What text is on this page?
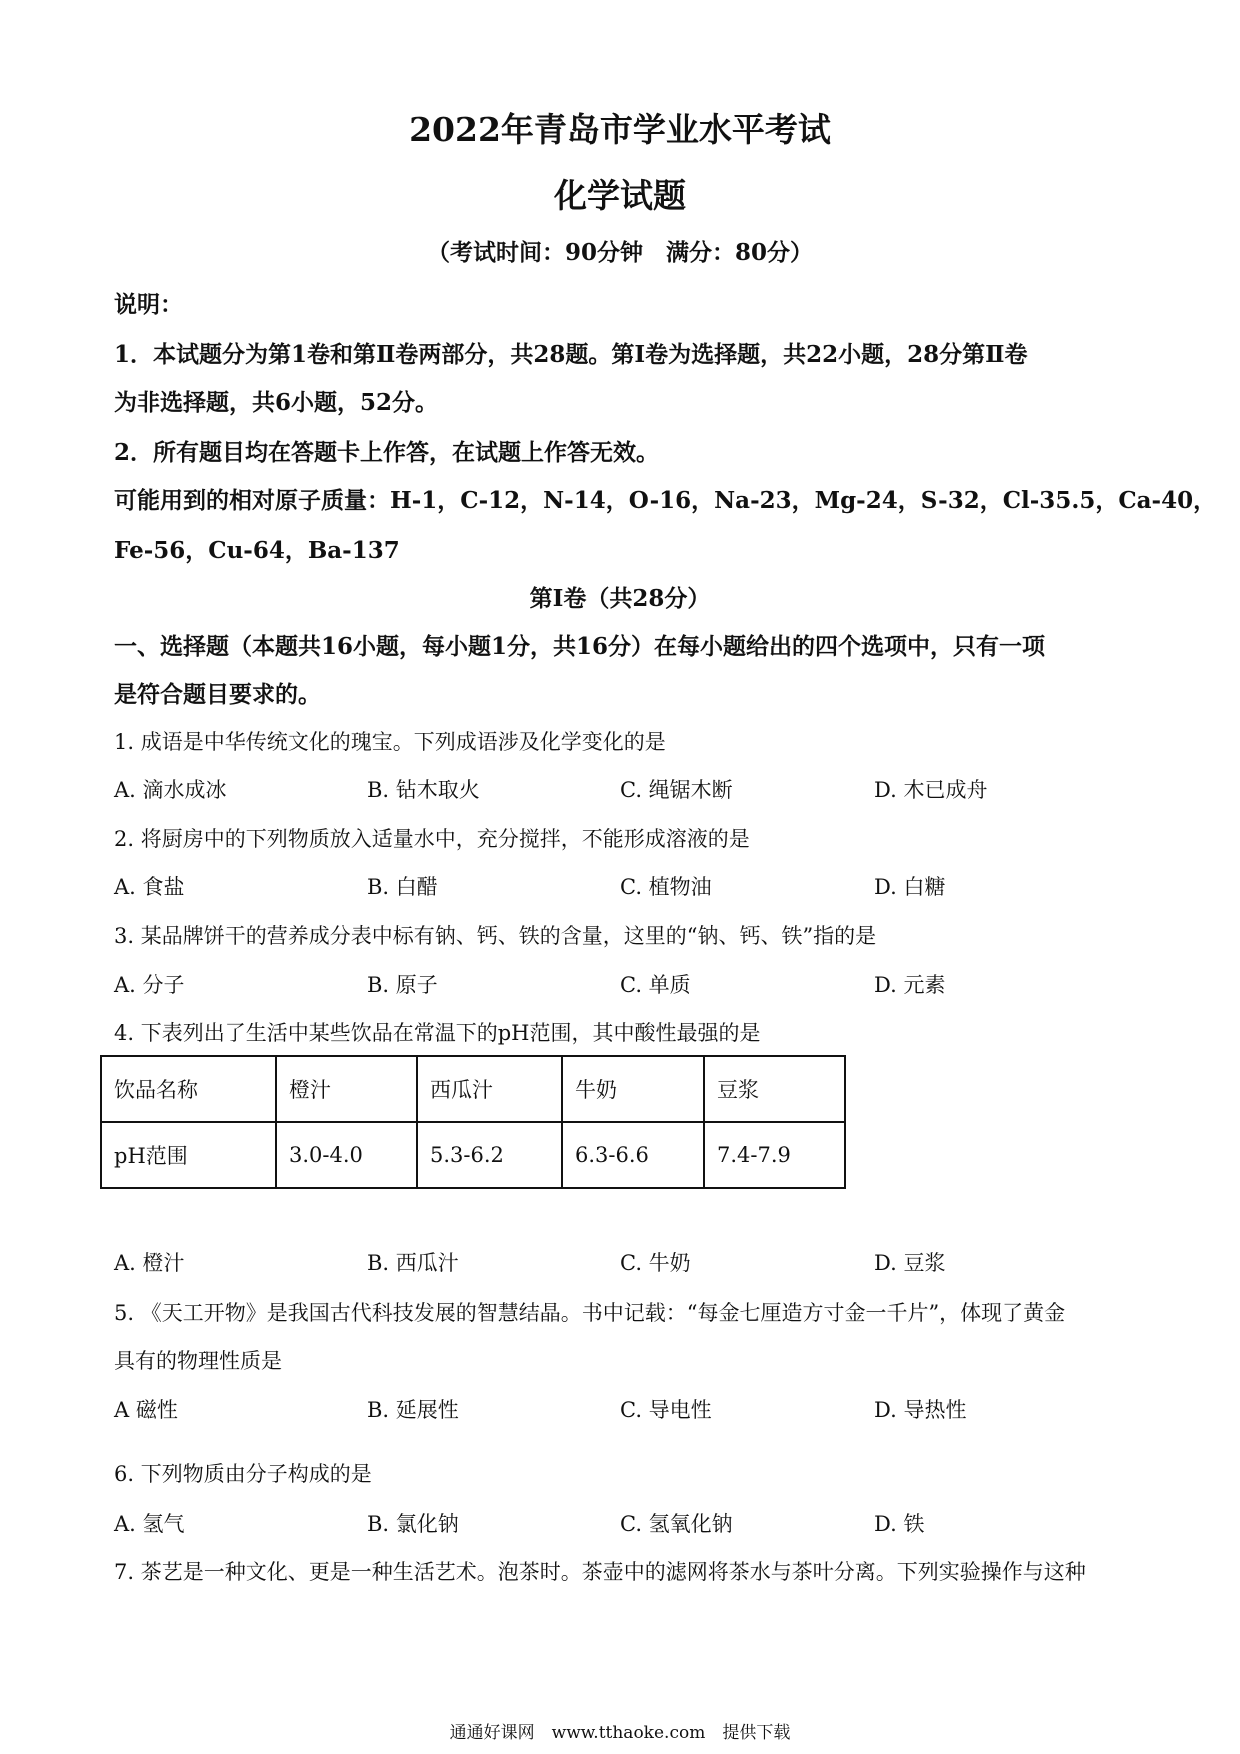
2022年青岛市学业水平考试
化学试题
（考试时间：90分钟　满分：80分）
说明：
1．本试题分为第1卷和第Ⅱ卷两部分，共28题。第I卷为选择题，共22小题，28分第Ⅱ卷
为非选择题，共6小题，52分。
2．所有题目均在答题卡上作答，在试题上作答无效。
可能用到的相对原子质量：H-1，C-12，N-14，O-16，Na-23，Mg-24，S-32，Cl-35.5，Ca-40，
Fe-56，Cu-64，Ba-137
第I卷（共28分）
一、选择题（本题共16小题，每小题1分，共16分）在每小题给出的四个选项中，只有一项
是符合题目要求的。
1. 成语是中华传统文化的瑰宝。下列成语涉及化学变化的是
A. 滴水成冰	B. 钻木取火	C. 绳锯木断	D. 木已成舟
2. 将厨房中的下列物质放入适量水中，充分搅拌，不能形成溶液的是
A. 食盐	B. 白醋	C. 植物油	D. 白糖
3. 某品牌饼干的营养成分表中标有钠、钙、铁的含量，这里的“钠、钙、铁”指的是
A. 分子	B. 原子	C. 单质	D. 元素
4. 下表列出了生活中某些饮品在常温下的pH范围，其中酸性最强的是
饮品名称	橙汁	西瓜汁	牛奶	豆浆
pH范围	3.0-4.0	5.3-6.2	6.3-6.6	7.4-7.9
A. 橙汁	B. 西瓜汁	C. 牛奶	D. 豆浆
5. 《天工开物》是我国古代科技发展的智慧结晶。书中记载：“每金七厘造方寸金一千片”，体现了黄金
具有的物理性质是
A 磁性	B. 延展性	C. 导电性	D. 导热性
6. 下列物质由分子构成的是
A. 氢气	B. 氯化钠	C. 氢氧化钠	D. 铁
7. 茶艺是一种文化、更是一种生活艺术。泡茶时。茶壶中的滤网将茶水与茶叶分离。下列实验操作与这种
通通好课网　www.tthaoke.com　提供下载
